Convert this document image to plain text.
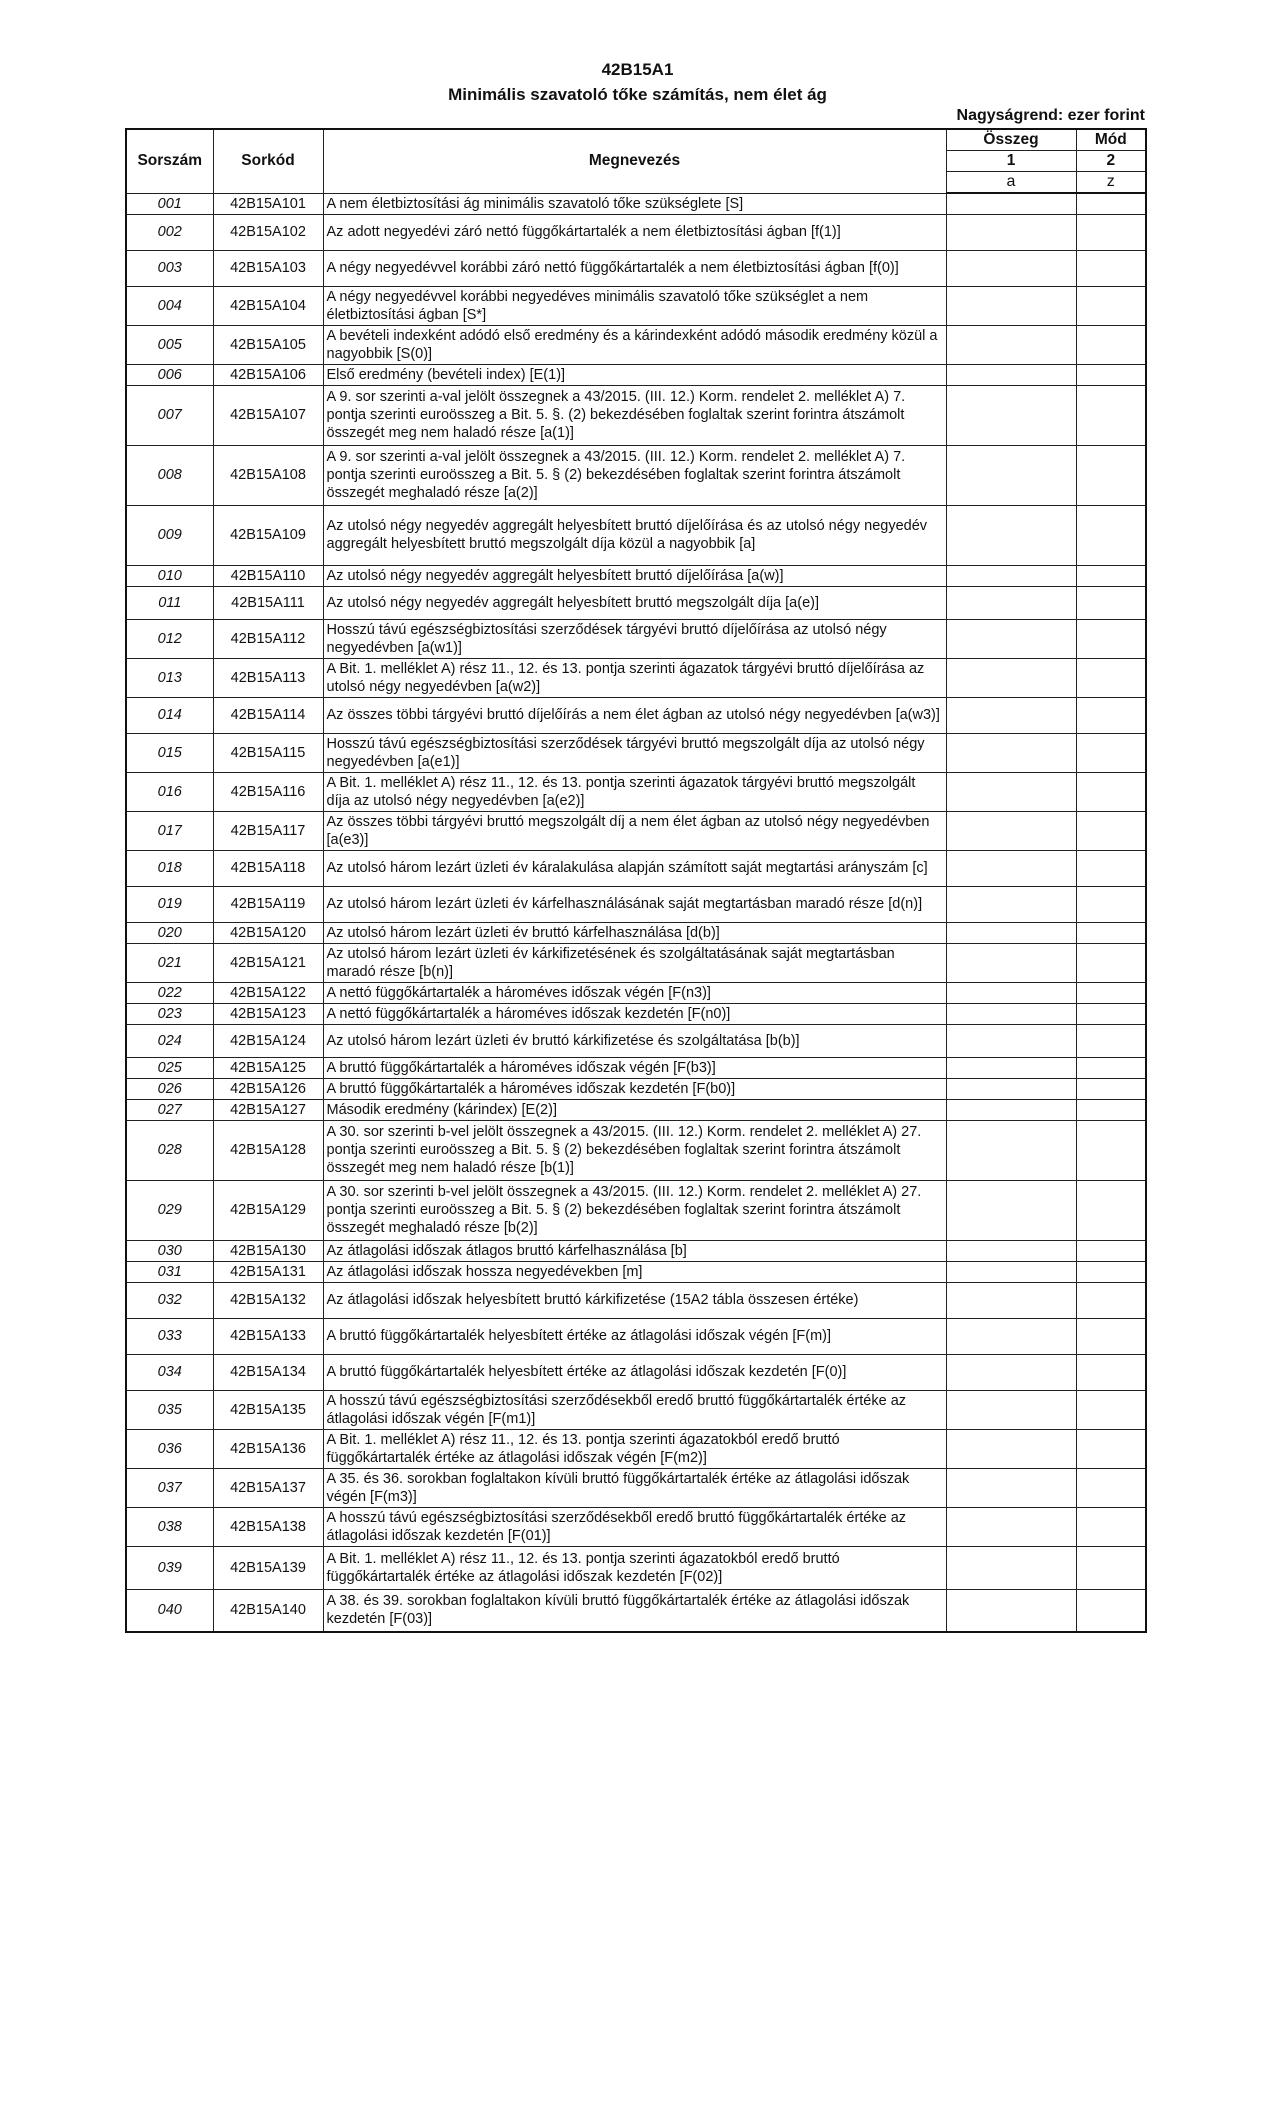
42B15A1
Minimális szavatoló tőke számítás, nem élet ág
Nagyságrend: ezer forint
Sorszám	Sorkód	Megnevezés	Összeg	Mód
			1	2
			a	z
001	42B15A101	A nem életbiztosítási ág minimális szavatoló tőke szükséglete [S]		
002	42B15A102	Az adott negyedévi záró nettó függőkártartalék a nem életbiztosítási ágban [f(1)]		
003	42B15A103	A négy negyedévvel korábbi záró nettó függőkártartalék a nem életbiztosítási ágban [f(0)]		
004	42B15A104	A négy negyedévvel korábbi negyedéves minimális szavatoló tőke szükséglet a nem életbiztosítási ágban [S*]		
005	42B15A105	A bevételi indexként adódó első eredmény és a kárindexként adódó második eredmény közül a nagyobbik [S(0)]		
006	42B15A106	Első eredmény (bevételi index) [E(1)]		
007	42B15A107	A 9. sor szerinti a-val jelölt összegnek a 43/2015. (III. 12.) Korm. rendelet 2. melléklet A) 7. pontja szerinti euroösszeg a Bit. 5. §. (2) bekezdésében foglaltak szerint forintra átszámolt összegét meg nem haladó része [a(1)]		
008	42B15A108	A 9. sor szerinti a-val jelölt összegnek a 43/2015. (III. 12.) Korm. rendelet 2. melléklet A) 7. pontja szerinti euroösszeg a Bit. 5. § (2) bekezdésében foglaltak szerint forintra átszámolt összegét meghaladó része [a(2)]		
009	42B15A109	Az utolsó négy negyedév aggregált helyesbített bruttó díjelőírása és az utolsó négy negyedév aggregált helyesbített bruttó megszolgált díja közül a nagyobbik [a]		
010	42B15A110	Az utolsó négy negyedév aggregált helyesbített bruttó díjelőírása [a(w)]		
011	42B15A111	Az utolsó négy negyedév aggregált helyesbített bruttó megszolgált díja [a(e)]		
012	42B15A112	Hosszú távú egészségbiztosítási szerződések tárgyévi bruttó díjelőírása az utolsó négy negyedévben [a(w1)]		
013	42B15A113	A Bit. 1. melléklet A) rész 11., 12. és 13. pontja szerinti ágazatok tárgyévi bruttó díjelőírása az utolsó négy negyedévben [a(w2)]		
014	42B15A114	Az összes többi tárgyévi bruttó díjelőírás a nem élet ágban az utolsó négy negyedévben [a(w3)]		
015	42B15A115	Hosszú távú egészségbiztosítási szerződések tárgyévi bruttó megszolgált díja az utolsó négy negyedévben [a(e1)]		
016	42B15A116	A Bit. 1. melléklet A) rész 11., 12. és 13. pontja szerinti ágazatok tárgyévi bruttó megszolgált díja az utolsó négy negyedévben [a(e2)]		
017	42B15A117	Az összes többi tárgyévi bruttó megszolgált díj a nem élet ágban az utolsó négy negyedévben [a(e3)]		
018	42B15A118	Az utolsó három lezárt üzleti év káralakulása alapján számított saját megtartási arányszám [c]		
019	42B15A119	Az utolsó három lezárt üzleti év kárfelhasználásának saját megtartásban maradó része [d(n)]		
020	42B15A120	Az utolsó három lezárt üzleti év bruttó kárfelhasználása [d(b)]		
021	42B15A121	Az utolsó három lezárt üzleti év kárkifizetésének és szolgáltatásának saját megtartásban maradó része [b(n)]		
022	42B15A122	A nettó függőkártartalék a hároméves időszak végén [F(n3)]		
023	42B15A123	A nettó függőkártartalék a hároméves időszak kezdetén [F(n0)]		
024	42B15A124	Az utolsó három lezárt üzleti év bruttó kárkifizetése és szolgáltatása [b(b)]		
025	42B15A125	A bruttó függőkártartalék a hároméves időszak végén [F(b3)]		
026	42B15A126	A bruttó függőkártartalék a hároméves időszak kezdetén [F(b0)]		
027	42B15A127	Második eredmény (kárindex) [E(2)]		
028	42B15A128	A 30. sor szerinti b-vel jelölt összegnek a 43/2015. (III. 12.) Korm. rendelet 2. melléklet A) 27. pontja szerinti euroösszeg a Bit. 5. § (2) bekezdésében foglaltak szerint forintra átszámolt összegét meg nem haladó része [b(1)]		
029	42B15A129	A 30. sor szerinti b-vel jelölt összegnek a 43/2015. (III. 12.) Korm. rendelet 2. melléklet A) 27. pontja szerinti euroösszeg a Bit. 5. § (2) bekezdésében foglaltak szerint forintra átszámolt összegét meghaladó része [b(2)]		
030	42B15A130	Az átlagolási időszak átlagos bruttó kárfelhasználása [b]		
031	42B15A131	Az átlagolási időszak hossza negyedévekben [m]		
032	42B15A132	Az átlagolási időszak helyesbített bruttó kárkifizetése (15A2 tábla összesen értéke)		
033	42B15A133	A bruttó függőkártartalék helyesbített értéke az átlagolási időszak végén [F(m)]		
034	42B15A134	A bruttó függőkártartalék helyesbített értéke az átlagolási időszak kezdetén [F(0)]		
035	42B15A135	A hosszú távú egészségbiztosítási szerződésekből eredő bruttó függőkártartalék értéke az átlagolási időszak végén [F(m1)]		
036	42B15A136	A Bit. 1. melléklet A) rész 11., 12. és 13. pontja szerinti ágazatokból eredő bruttó függőkártartalék értéke az átlagolási időszak végén [F(m2)]		
037	42B15A137	A 35. és 36. sorokban foglaltakon kívüli bruttó függőkártartalék értéke az átlagolási időszak végén [F(m3)]		
038	42B15A138	A hosszú távú egészségbiztosítási szerződésekből eredő bruttó függőkártartalék értéke az átlagolási időszak kezdetén [F(01)]		
039	42B15A139	A Bit. 1. melléklet A) rész 11., 12. és 13. pontja szerinti ágazatokból eredő bruttó függőkártartalék értéke az átlagolási időszak kezdetén [F(02)]		
040	42B15A140	A 38. és 39. sorokban foglaltakon kívüli bruttó függőkártartalék értéke az átlagolási időszak kezdetén [F(03)]		
